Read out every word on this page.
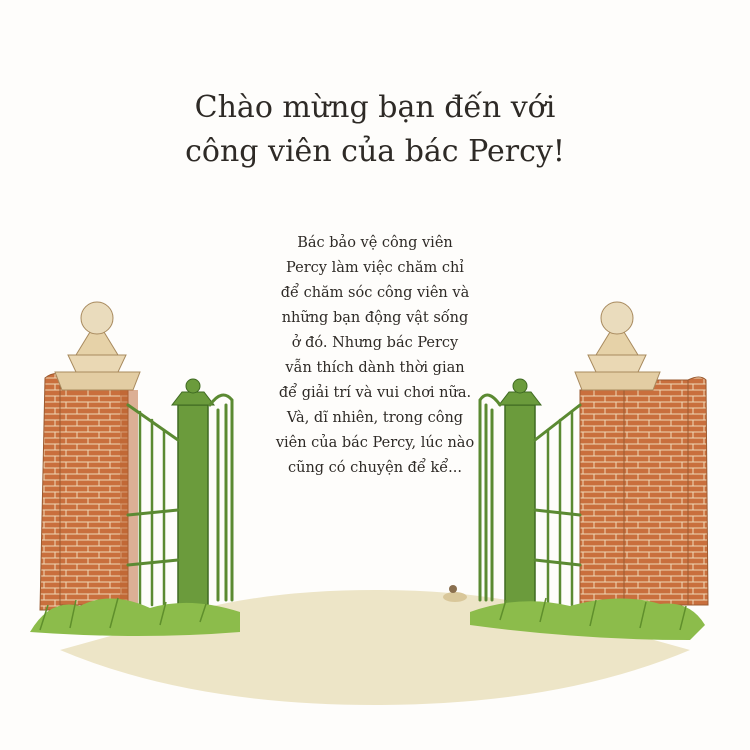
Chào mừng bạn đến với
công viên của bác Percy!
Bác bảo vệ công viên
Percy làm việc chăm chỉ
để chăm sóc công viên và
những bạn động vật sống
ở đó. Nhưng bác Percy
vẫn thích dành thời gian
để giải trí và vui chơi nữa.
Và, dĩ nhiên, trong công
viên của bác Percy, lúc nào
cũng có chuyện để kể...
